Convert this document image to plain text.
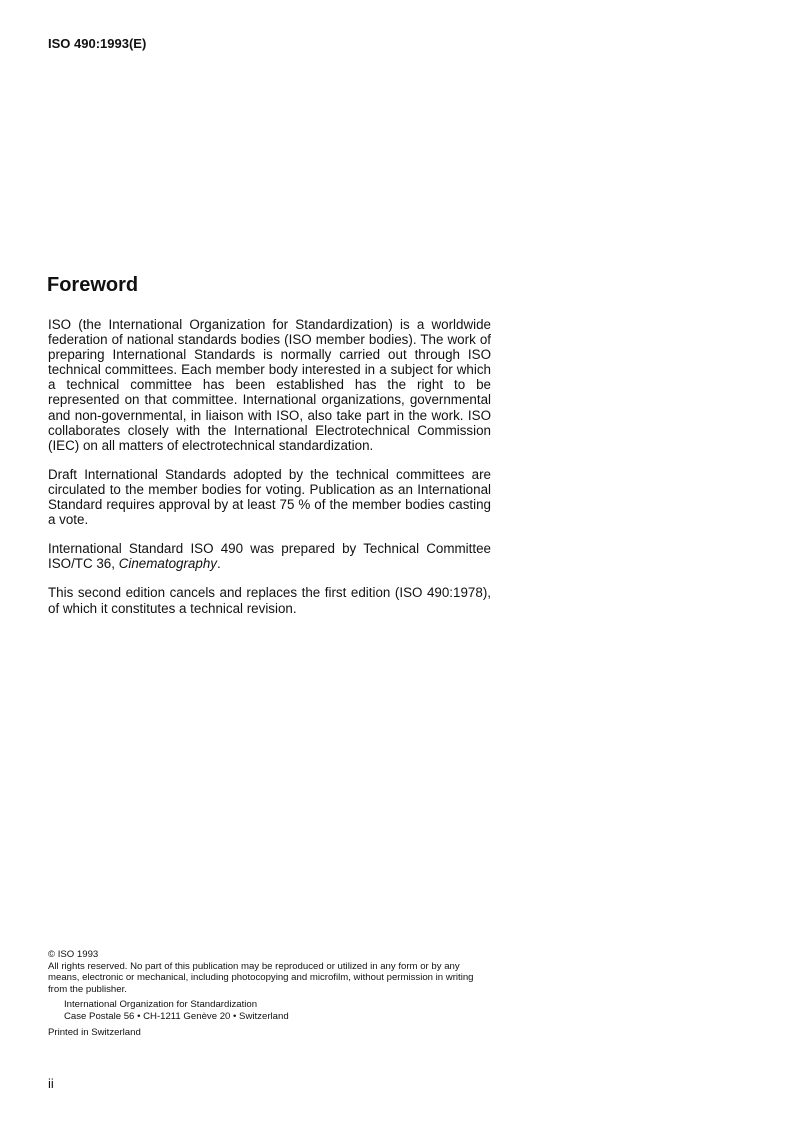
ISO 490:1993(E)
Foreword

ISO (the International Organization for Standardization) is a worldwide federation of national standards bodies (ISO member bodies). The work of preparing International Standards is normally carried out through ISO technical committees. Each member body interested in a subject for which a technical committee has been established has the right to be represented on that committee. International organizations, governmental and non-governmental, in liaison with ISO, also take part in the work. ISO collaborates closely with the International Electrotechnical Commission (IEC) on all matters of electrotechnical standardization.

Draft International Standards adopted by the technical committees are circulated to the member bodies for voting. Publication as an International Standard requires approval by at least 75 % of the member bodies casting a vote.

International Standard ISO 490 was prepared by Technical Committee ISO/TC 36, Cinematography.

This second edition cancels and replaces the first edition (ISO 490:1978), of which it constitutes a technical revision.

© ISO 1993

All rights reserved. No part of this publication may be reproduced or utilized in any form or by any means, electronic or mechanical, including photocopying and microfilm, without permission in writing from the publisher.

International Organization for Standardization

Case Postale 56 • CH-1211 Genève 20 • Switzerland

Printed in Switzerland

ii
